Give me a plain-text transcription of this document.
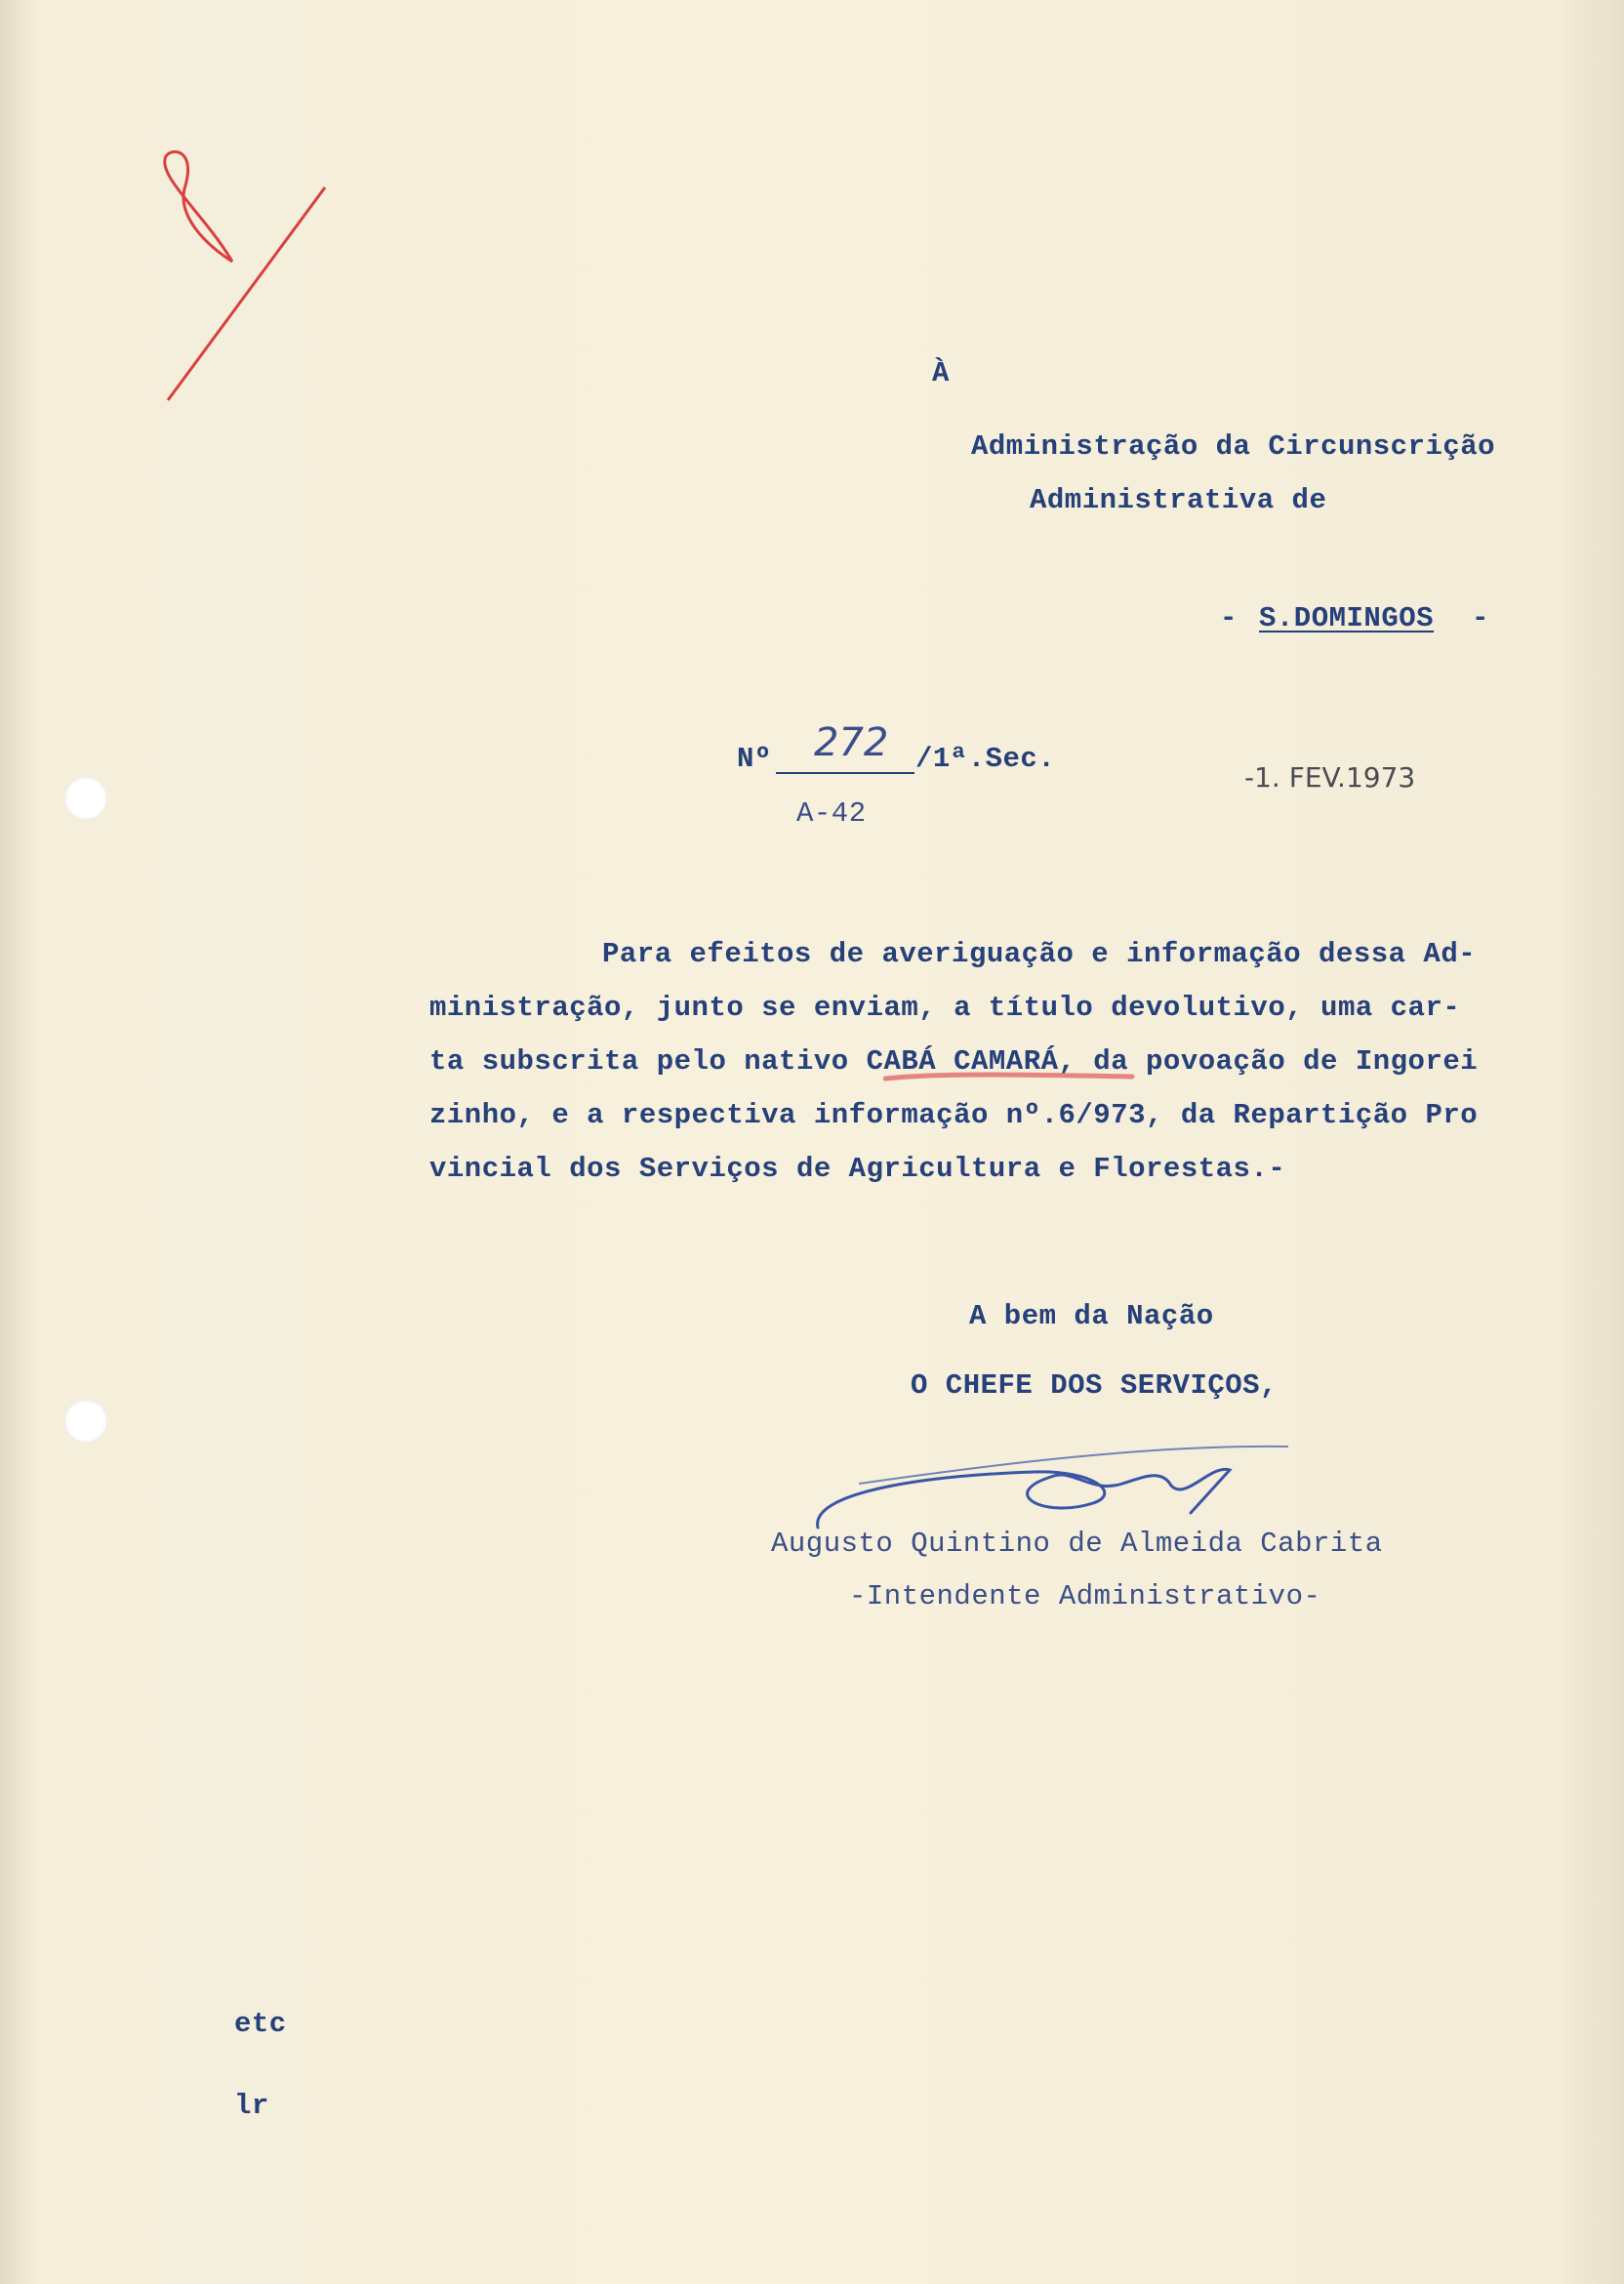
À
Administração da Circunscrição
Administrativa de
- S.DOMINGOS -
Nº 272 /1ª.Sec.
A-42
-1. FEV.1973
Para efeitos de averiguação e informação dessa Ad-
ministração, junto se enviam, a título devolutivo, uma car-
ta subscrita pelo nativo CABÁ CAMARÁ, da povoação de Ingorei
zinho, e a respectiva informação nº.6/973, da Repartição Pro
vincial dos Serviços de Agricultura e Florestas.-
A bem da Nação
O CHEFE DOS SERVIÇOS,
Augusto Quintino de Almeida Cabrita
-Intendente Administrativo-
etc
lr
